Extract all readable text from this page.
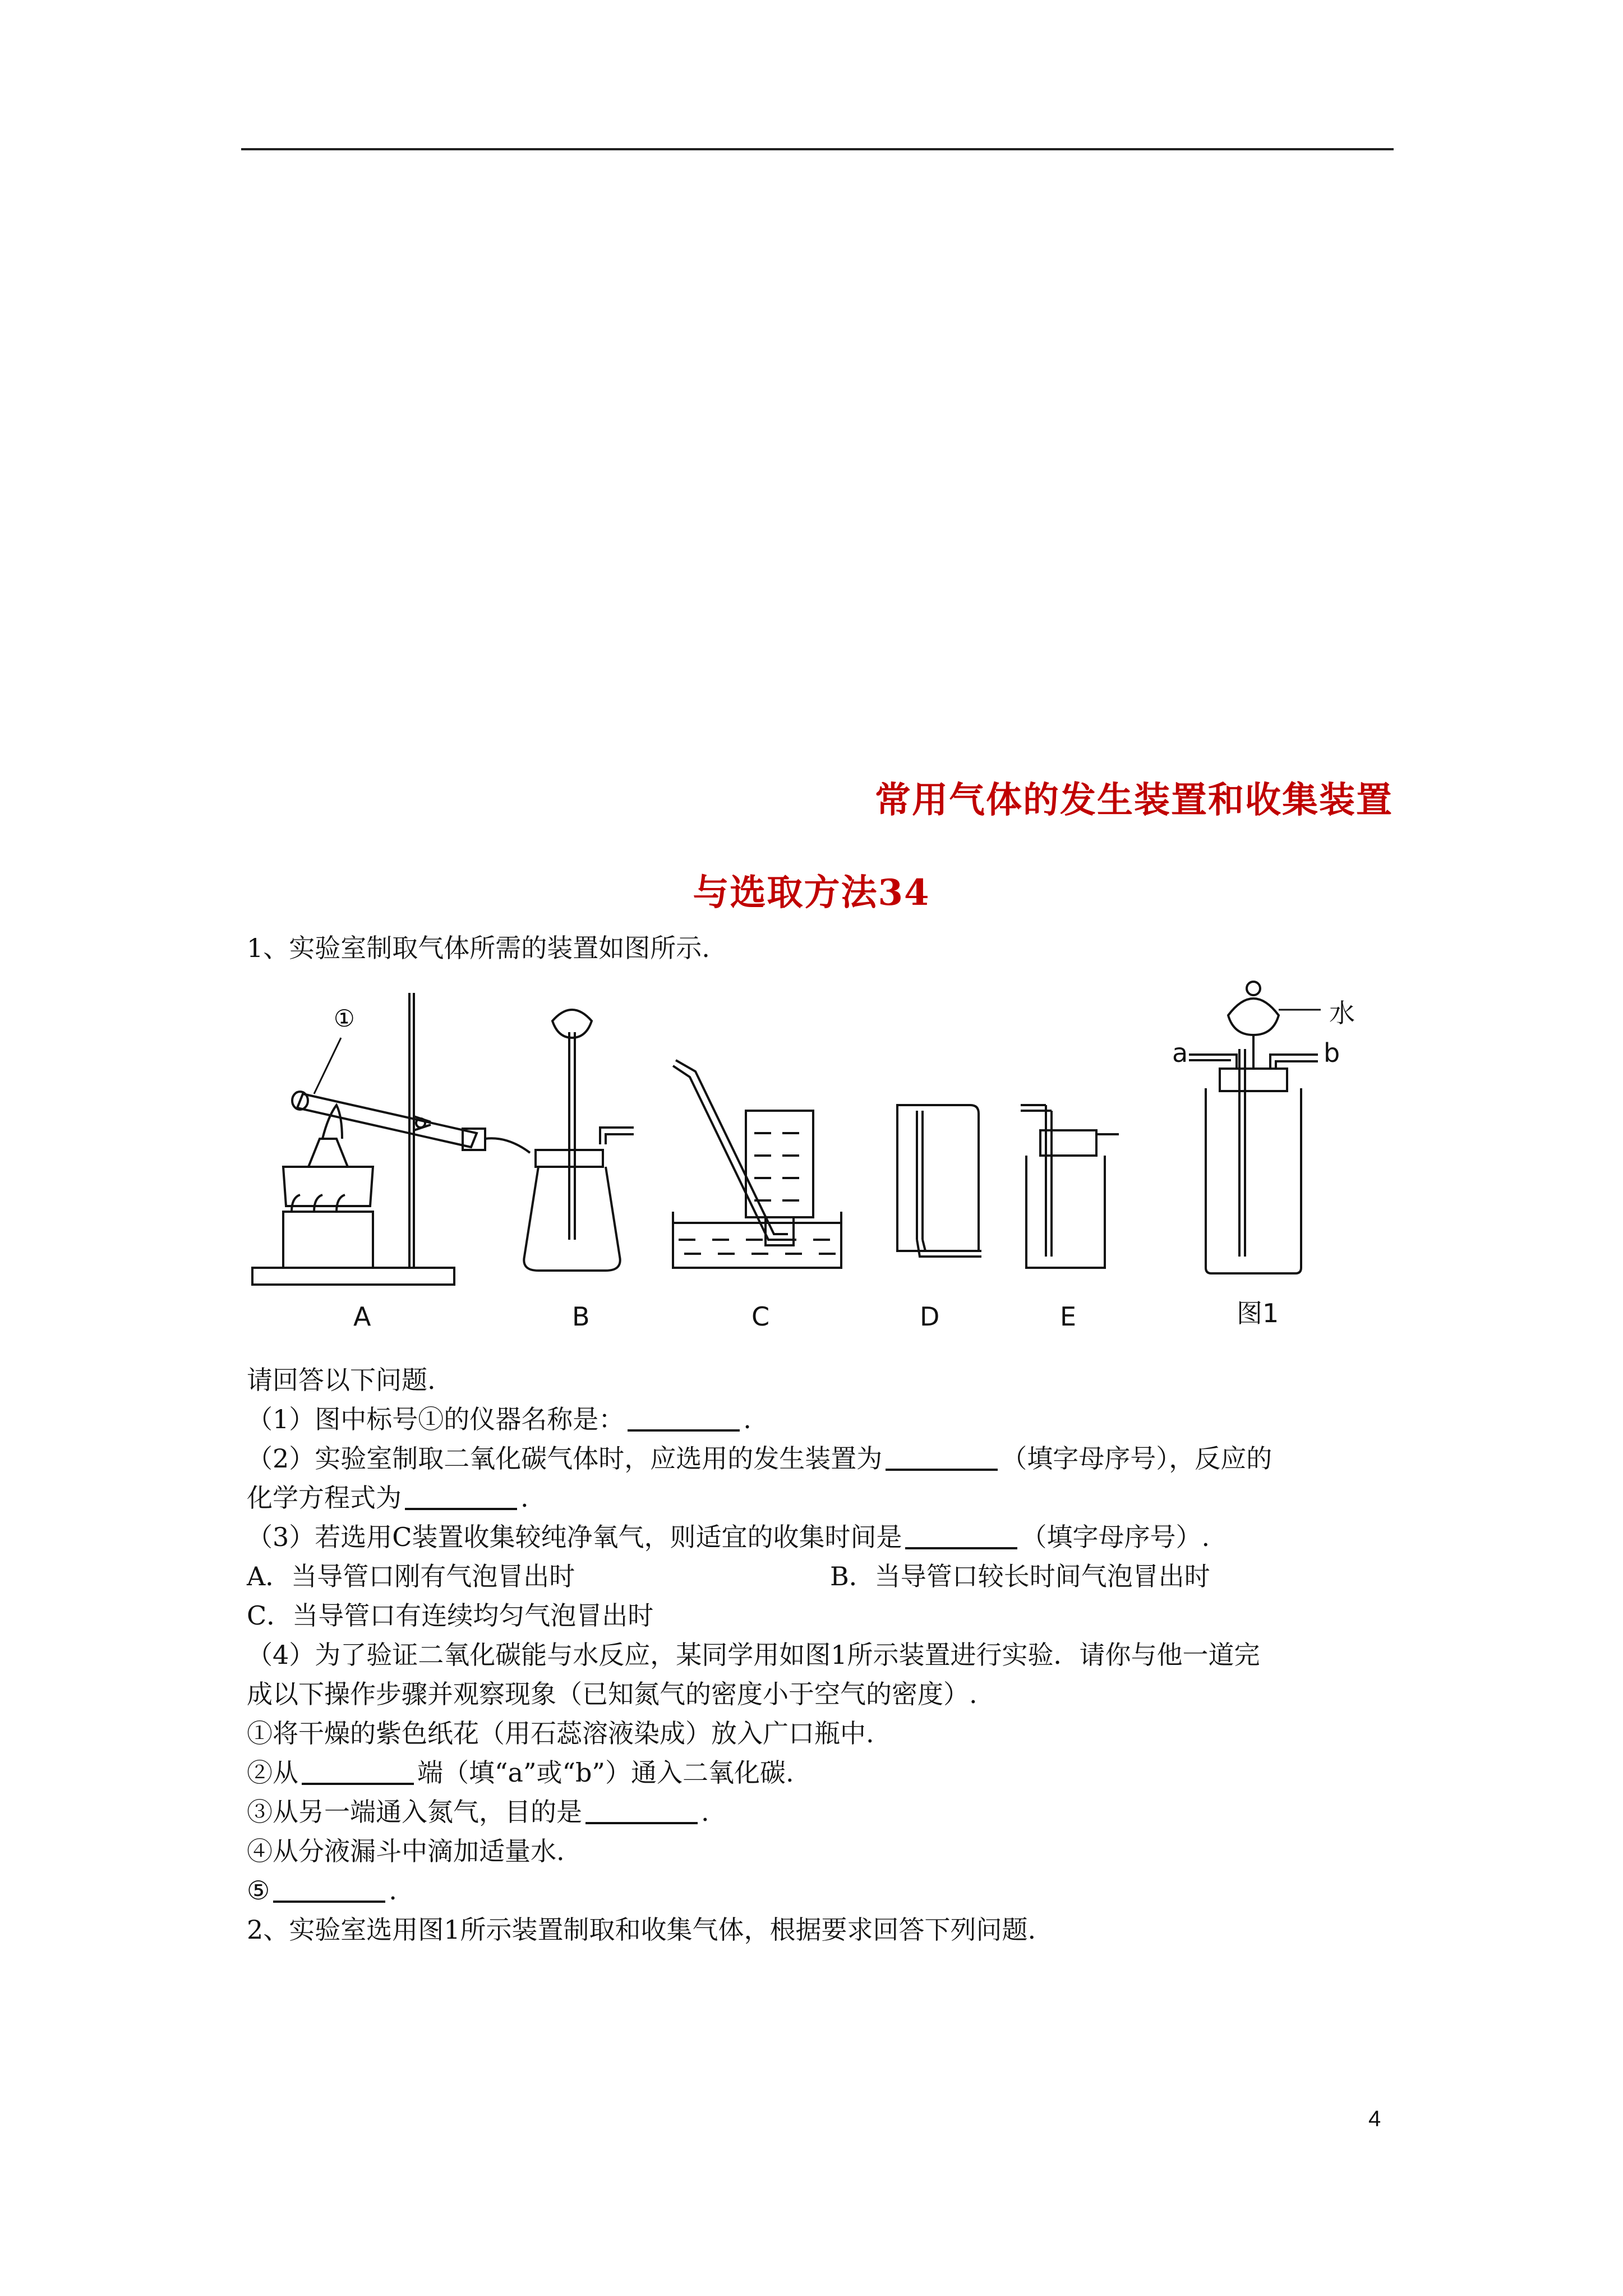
常用气体的发生装置和收集装置
与选取方法34
1、实验室制取气体所需的装置如图所示.
①	水
a	b
A	B	C	D	E	图1
请回答以下问题.
（1）图中标号①的仪器名称是：	.
（2）实验室制取二氧化碳气体时，应选用的发生装置为	（填字母序号），反应的
化学方程式为	.
（3）若选用C装置收集较纯净氧气，则适宜的收集时间是	（填字母序号）.
A．当导管口刚有气泡冒出时	B．当导管口较长时间气泡冒出时
C．当导管口有连续均匀气泡冒出时
（4）为了验证二氧化碳能与水反应，某同学用如图1所示装置进行实验．请你与他一道完
成以下操作步骤并观察现象（已知氮气的密度小于空气的密度）.
①将干燥的紫色纸花（用石蕊溶液染成）放入广口瓶中.
②从	端（填“a”或“b”）通入二氧化碳.
③从另一端通入氮气，目的是	.
④从分液漏斗中滴加适量水.
⑤	.
2、实验室选用图1所示装置制取和收集气体，根据要求回答下列问题.
4
